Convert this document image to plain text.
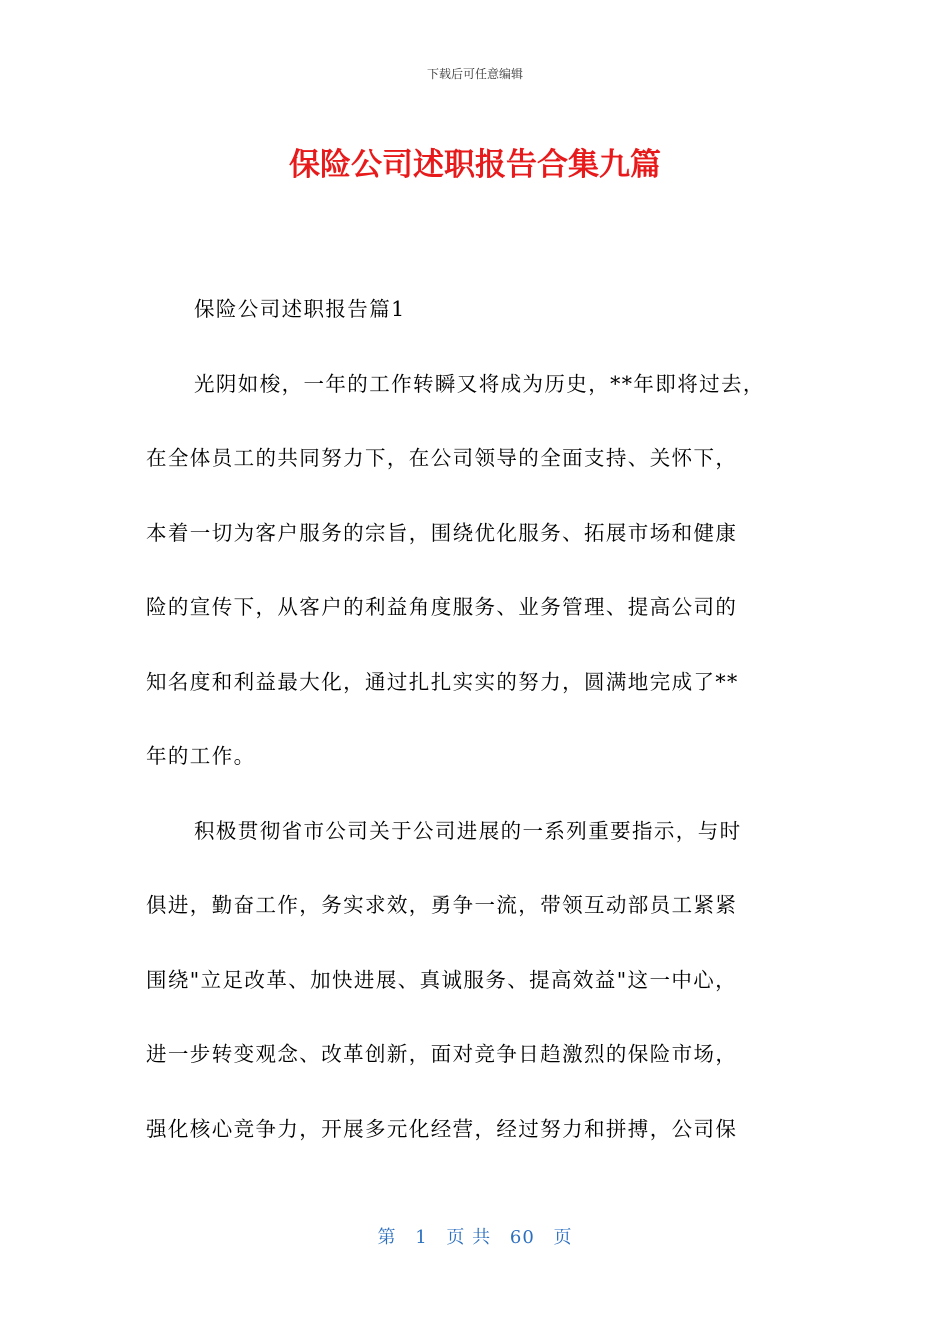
下载后可任意编辑
保险公司述职报告合集九篇

保险公司述职报告篇1

光阴如梭，一年的工作转瞬又将成为历史，**年即将过去，
在全体员工的共同努力下，在公司领导的全面支持、关怀下，
本着一切为客户服务的宗旨，围绕优化服务、拓展市场和健康
险的宣传下，从客户的利益角度服务、业务管理、提高公司的
知名度和利益最大化，通过扎扎实实的努力，圆满地完成了**
年的工作。

积极贯彻省市公司关于公司进展的一系列重要指示，与时
俱进，勤奋工作，务实求效，勇争一流，带领互动部员工紧紧
围绕"立足改革、加快进展、真诚服务、提高效益"这一中心，
进一步转变观念、改革创新，面对竞争日趋激烈的保险市场，
强化核心竞争力，开展多元化经营，经过努力和拼搏，公司保

第 1 页 共 60 页
